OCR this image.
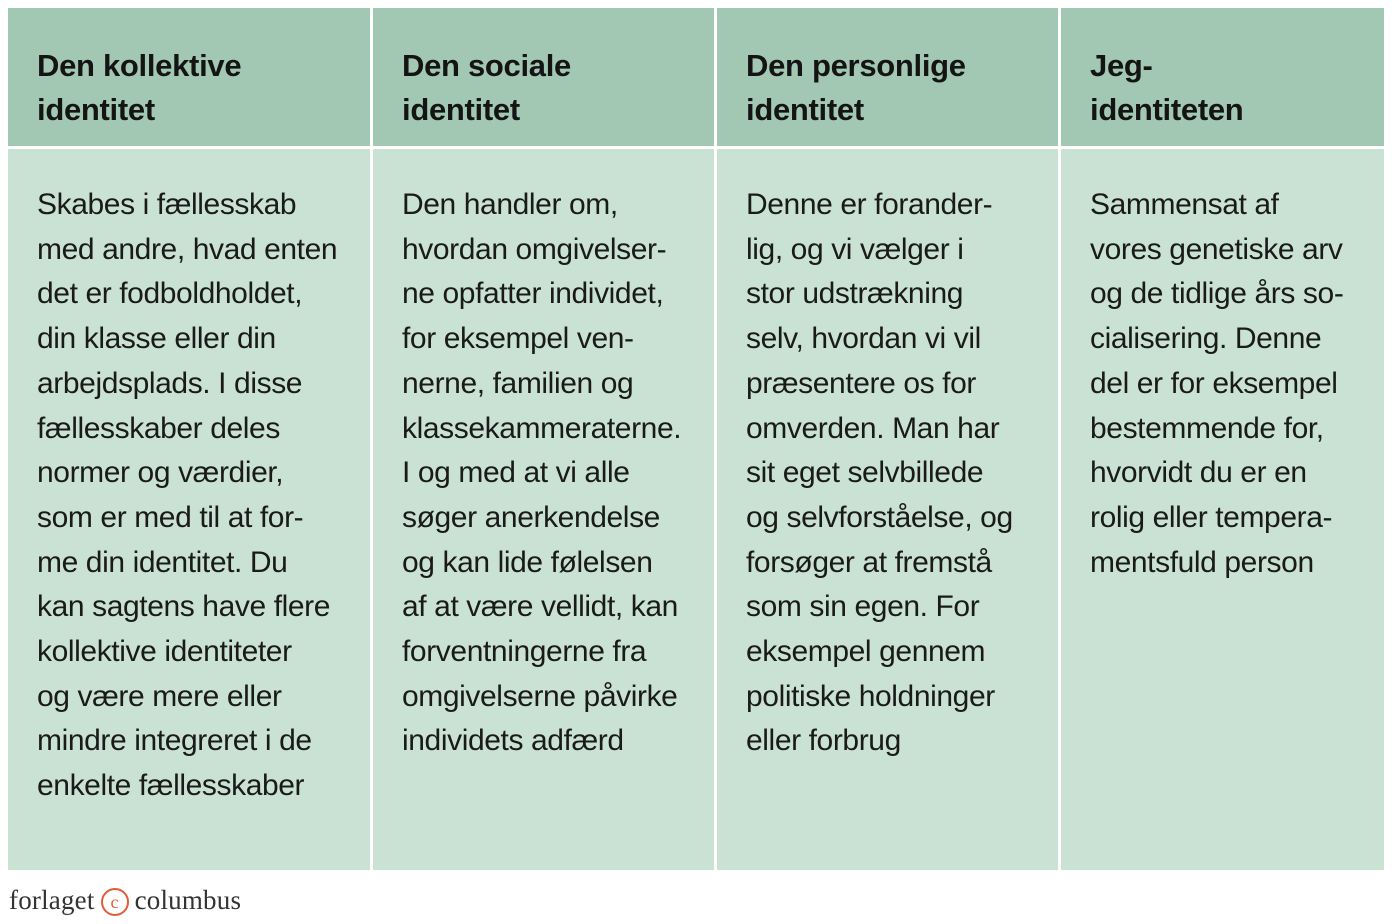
Den kollektive
identitet
Den sociale
identitet
Den personlige
identitet
Jeg-
identiteten
Skabes i fællesskab
med andre, hvad enten
det er fodboldholdet,
din klasse eller din
arbejdsplads. I disse
fællesskaber deles
normer og værdier,
som er med til at for-
me din identitet. Du
kan sagtens have flere
kollektive identiteter
og være mere eller
mindre integreret i de
enkelte fællesskaber
Den handler om,
hvordan omgivelser-
ne opfatter individet,
for eksempel ven-
nerne, familien og
klassekammeraterne.
I og med at vi alle
søger anerkendelse
og kan lide følelsen
af at være vellidt, kan
forventningerne fra
omgivelserne påvirke
individets adfærd
Denne er forander-
lig, og vi vælger i
stor udstrækning
selv, hvordan vi vil
præsentere os for
omverden. Man har
sit eget selvbillede
og selvforståelse, og
forsøger at fremstå
som sin egen. For
eksempel gennem
politiske holdninger
eller forbrug
Sammensat af
vores genetiske arv
og de tidlige års so-
cialisering. Denne
del er for eksempel
bestemmende for,
hvorvidt du er en
rolig eller tempera-
mentsfuld person
forlaget c columbus
